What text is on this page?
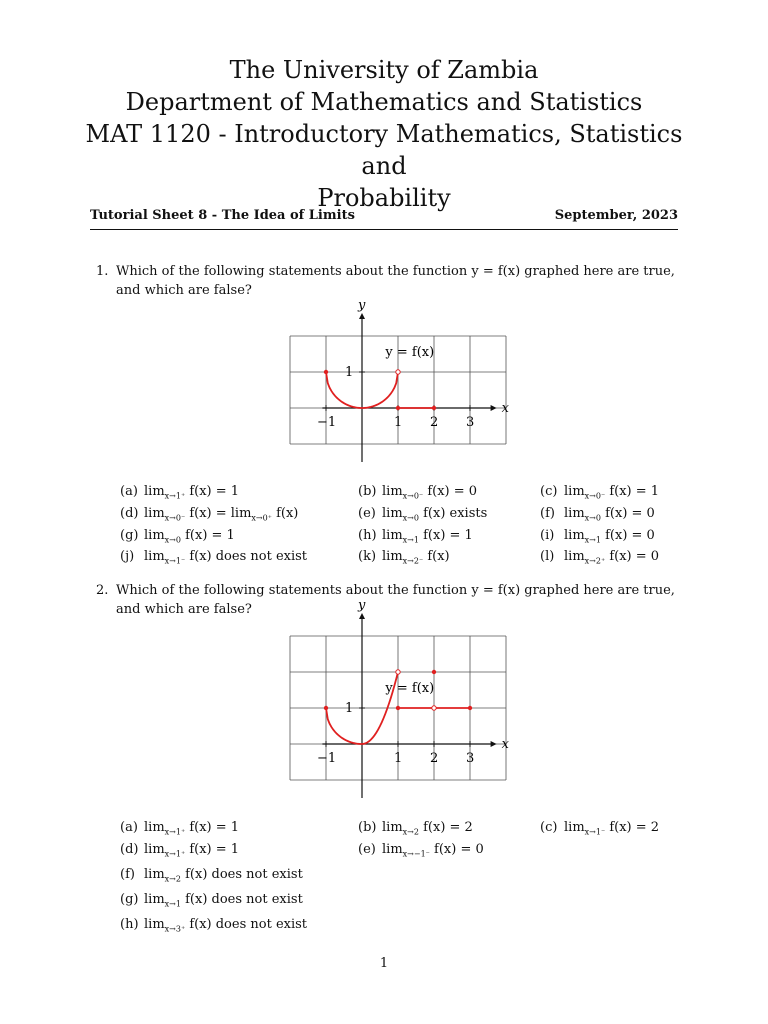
The University of Zambia
Department of Mathematics and Statistics
MAT 1120 - Introductory Mathematics, Statistics and
Probability
Tutorial Sheet 8 - The Idea of Limits	September, 2023
1. Which of the following statements about the function y = f(x) graphed here are true, and which are false?
x
y
−1	1 2 3
1
y = f(x)
(a) $\lim_{x\to 1^+} f(x) = 1$	(b) $\lim_{x\to 0^-} f(x) = 0$	(c) $\lim_{x\to 0^-} f(x) = 1$
(d) $\lim_{x\to 0^-} f(x) = \lim_{x\to 0^+} f(x)$	(e) $\lim_{x\to 0} f(x)$ exists	(f) $\lim_{x\to 0} f(x) = 0$
(g) $\lim_{x\to 0} f(x) = 1$	(h) $\lim_{x\to 1} f(x) = 1$	(i) $\lim_{x\to 1} f(x) = 0$
(j) $\lim_{x\to 1^-} f(x)$ does not exist	(k) $\lim_{x\to 2^-} f(x)$	(l) $\lim_{x\to 2^+} f(x) = 0$
2. Which of the following statements about the function y = f(x) graphed here are true, and which are false?
x
y
−1	1 2 3
1
y = f(x)
(a) $\lim_{x\to 1^+} f(x) = 1$	(b) $\lim_{x\to 2} f(x) = 2$	(c) $\lim_{x\to 1^-} f(x) = 2$
(d) $\lim_{x\to 1^+} f(x) = 1$	(e) $\lim_{x\to-1^-} f(x) = 0$
(f) $\lim_{x\to 2} f(x)$ does not exist
(g) $\lim_{x\to 1} f(x)$ does not exist
(h) $\lim_{x\to 3^+} f(x)$ does not exist
1
